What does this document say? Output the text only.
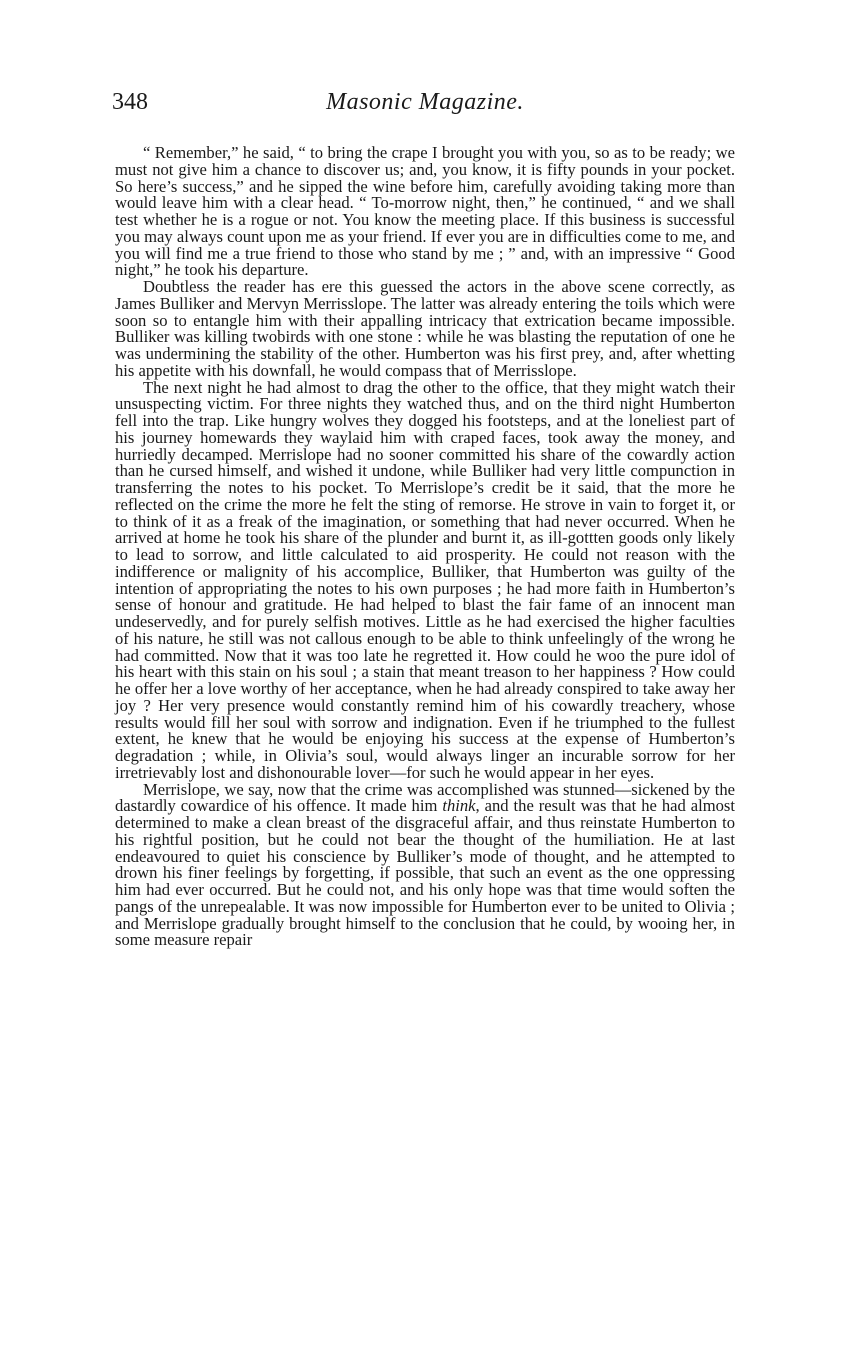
348	Masonic Magazine.

“ Remember,” he said, “ to bring the crape I brought you with you, so as to be ready; we must not give him a chance to discover us; and, you know, it is fifty pounds in your pocket. So here’s success,” and he sipped the wine before him, carefully avoiding taking more than would leave him with a clear head. “ To-morrow night, then,” he continued, “ and we shall test whether he is a rogue or not. You know the meeting place. If this business is successful you may always count upon me as your friend. If ever you are in difficulties come to me, and you will find me a true friend to those who stand by me ; ” and, with an impressive “ Good night,” he took his departure.

Doubtless the reader has ere this guessed the actors in the above scene correctly, as James Bulliker and Mervyn Merrisslope. The latter was already entering the toils which were soon so to entangle him with their appalling intricacy that extrication became impossible. Bulliker was killing twobirds with one stone : while he was blasting the reputation of one he was undermining the stability of the other. Humberton was his first prey, and, after whetting his appetite with his downfall, he would compass that of Merrisslope.

The next night he had almost to drag the other to the office, that they might watch their unsuspecting victim. For three nights they watched thus, and on the third night Humberton fell into the trap. Like hungry wolves they dogged his footsteps, and at the loneliest part of his journey homewards they waylaid him with craped faces, took away the money, and hurriedly decamped. Merrislope had no sooner committed his share of the cowardly action than he cursed himself, and wished it undone, while Bulliker had very little compunction in transferring the notes to his pocket. To Merrislope’s credit be it said, that the more he reflected on the crime the more he felt the sting of remorse. He strove in vain to forget it, or to think of it as a freak of the imagination, or something that had never occurred. When he arrived at home he took his share of the plunder and burnt it, as ill-gottten goods only likely to lead to sorrow, and little calculated to aid prosperity. He could not reason with the indifference or malignity of his accomplice, Bulliker, that Humberton was guilty of the intention of appropriating the notes to his own purposes ; he had more faith in Humberton’s sense of honour and gratitude. He had helped to blast the fair fame of an innocent man undeservedly, and for purely selfish motives. Little as he had exercised the higher faculties of his nature, he still was not callous enough to be able to think unfeelingly of the wrong he had committed. Now that it was too late he regretted it. How could he woo the pure idol of his heart with this stain on his soul ; a stain that meant treason to her happiness ? How could he offer her a love worthy of her acceptance, when he had already conspired to take away her joy ? Her very presence would constantly remind him of his cowardly treachery, whose results would fill her soul with sorrow and indignation. Even if he triumphed to the fullest extent, he knew that he would be enjoying his success at the expense of Humberton’s degradation ; while, in Olivia’s soul, would always linger an incurable sorrow for her irretrievably lost and dishonourable lover—for such he would appear in her eyes.

Merrislope, we say, now that the crime was accomplished was stunned—sickened by the dastardly cowardice of his offence. It made him think, and the result was that he had almost determined to make a clean breast of the disgraceful affair, and thus reinstate Humberton to his rightful position, but he could not bear the thought of the humiliation. He at last endeavoured to quiet his conscience by Bulliker’s mode of thought, and he attempted to drown his finer feelings by forgetting, if possible, that such an event as the one oppressing him had ever occurred. But he could not, and his only hope was that time would soften the pangs of the unrepealable. It was now impossible for Humberton ever to be united to Olivia ; and Merrislope gradually brought himself to the conclusion that he could, by wooing her, in some measure repair
